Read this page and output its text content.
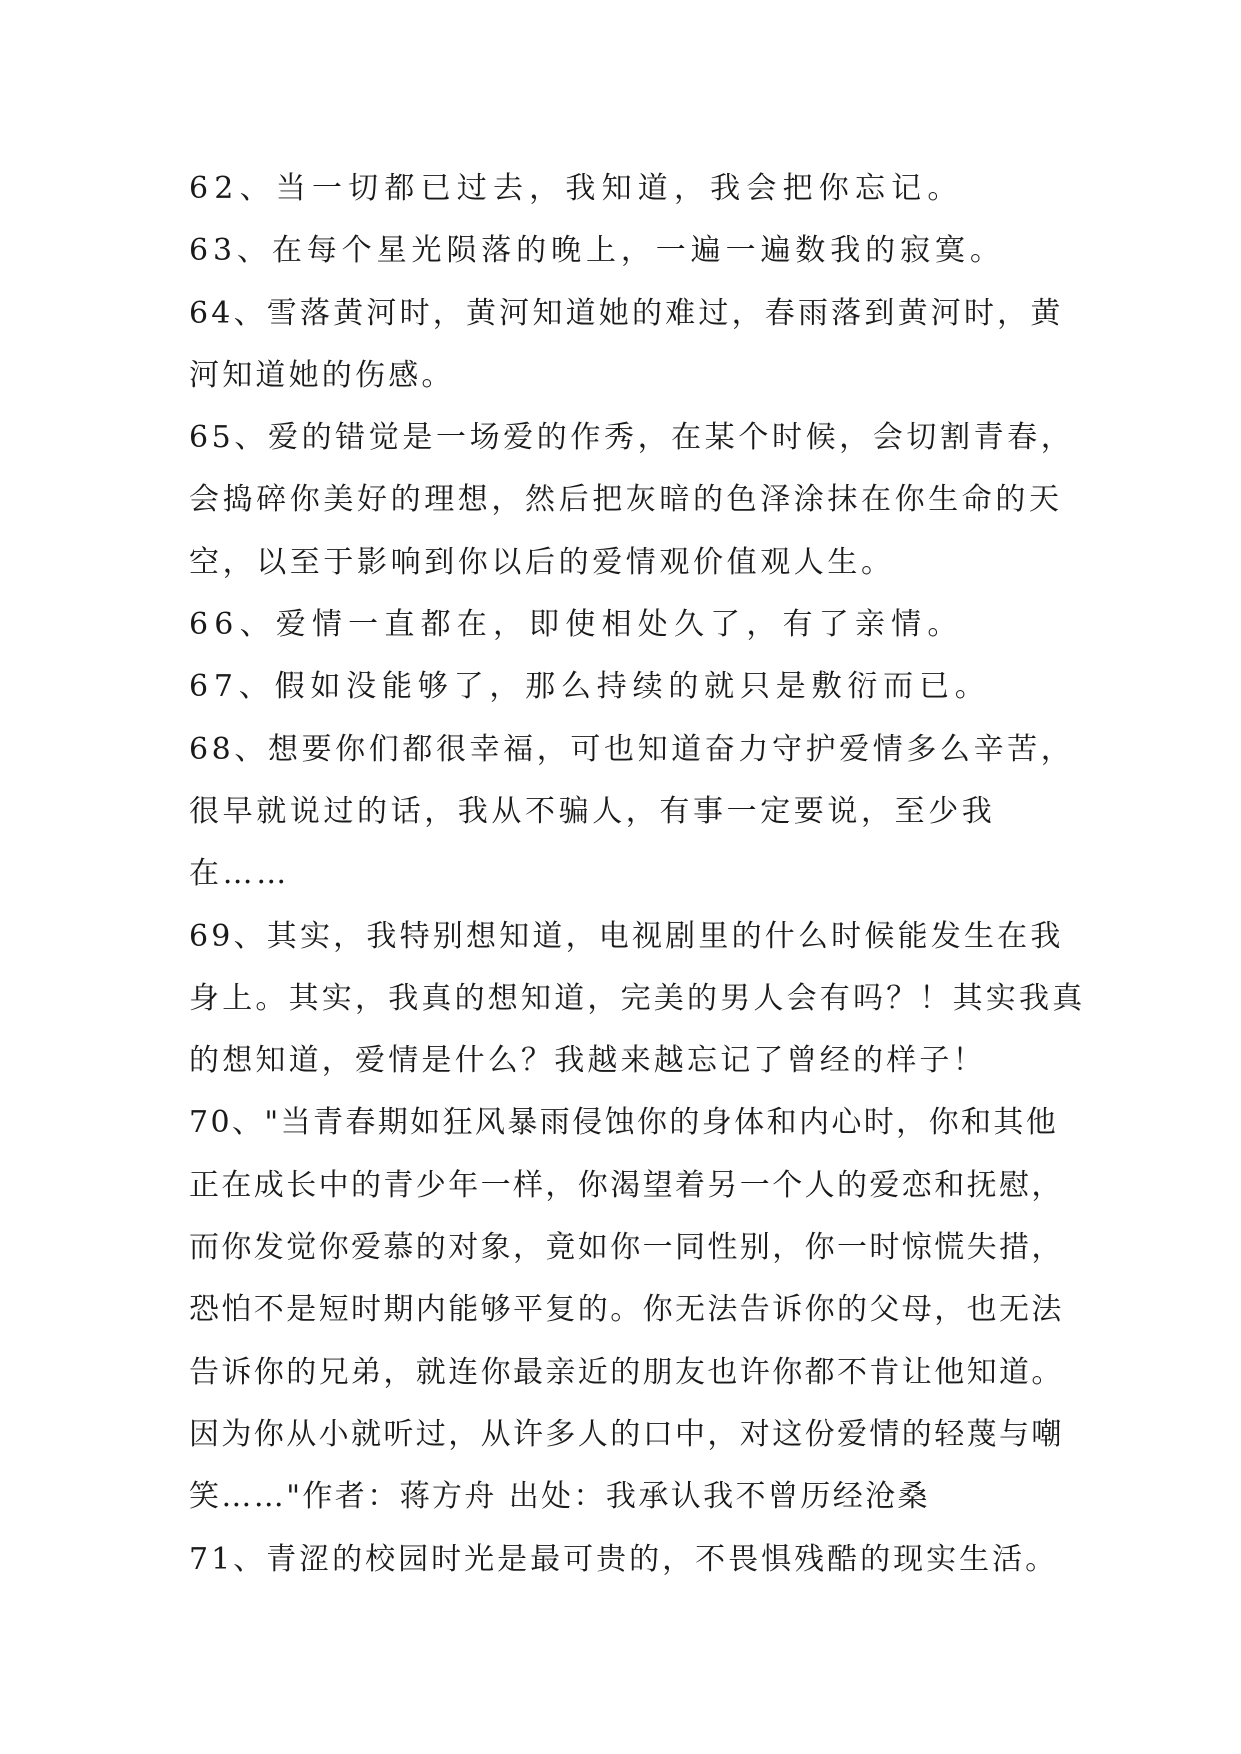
62、当一切都已过去，我知道，我会把你忘记。

63、在每个星光陨落的晚上，一遍一遍数我的寂寞。

64、雪落黄河时，黄河知道她的难过，春雨落到黄河时，黄河知道她的伤感。

65、爱的错觉是一场爱的作秀，在某个时候，会切割青春，会捣碎你美好的理想，然后把灰暗的色泽涂抹在你生命的天空，以至于影响到你以后的爱情观价值观人生。

66、爱情一直都在，即使相处久了，有了亲情。

67、假如没能够了，那么持续的就只是敷衍而已。

68、想要你们都很幸福，可也知道奋力守护爱情多么辛苦，很早就说过的话，我从不骗人，有事一定要说，至少我在……

69、其实，我特别想知道，电视剧里的什么时候能发生在我身上。其实，我真的想知道，完美的男人会有吗？！其实我真的想知道，爱情是什么？我越来越忘记了曾经的样子！

70、"当青春期如狂风暴雨侵蚀你的身体和内心时，你和其他正在成长中的青少年一样，你渴望着另一个人的爱恋和抚慰，而你发觉你爱慕的对象，竟如你一同性别，你一时惊慌失措，恐怕不是短时期内能够平复的。你无法告诉你的父母，也无法告诉你的兄弟，就连你最亲近的朋友也许你都不肯让他知道。因为你从小就听过，从许多人的口中，对这份爱情的轻蔑与嘲笑……"作者：蒋方舟 出处：我承认我不曾历经沧桑

71、青涩的校园时光是最可贵的，不畏惧残酷的现实生活。
